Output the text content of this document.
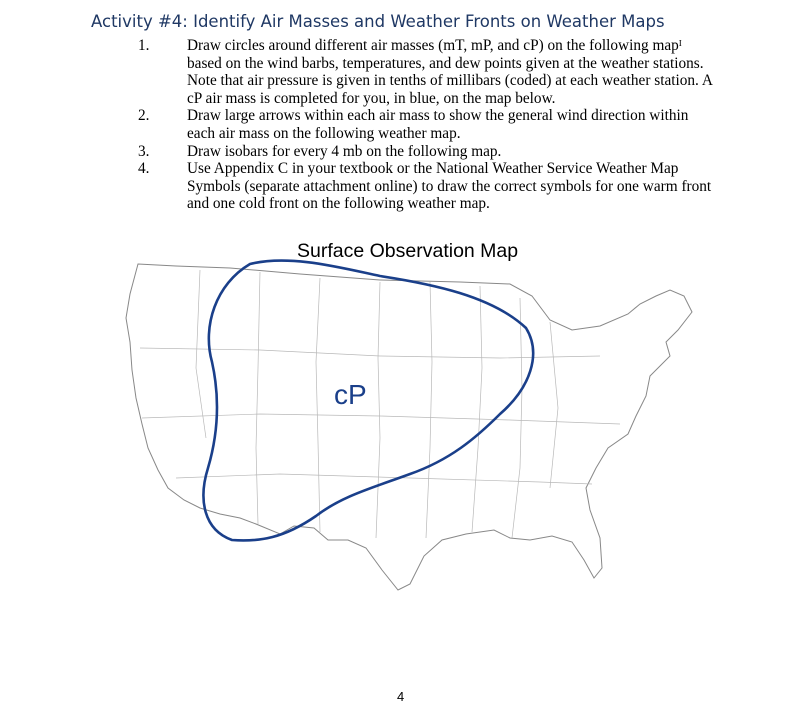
Activity #4: Identify Air Masses and Weather Fronts on Weather Maps
1. Draw circles around different air masses (mT, mP, and cP) on the following mapᴵ based on the wind barbs, temperatures, and dew points given at the weather stations. Note that air pressure is given in tenths of millibars (coded) at each weather station. A cP air mass is completed for you, in blue, on the map below.
2. Draw large arrows within each air mass to show the general wind direction within each air mass on the following weather map.
3. Draw isobars for every 4 mb on the following map.
4. Use Appendix C in your textbook or the National Weather Service Weather Map Symbols (separate attachment online) to draw the correct symbols for one warm front and one cold front on the following weather map.
Surface Observation Map
cP
4
